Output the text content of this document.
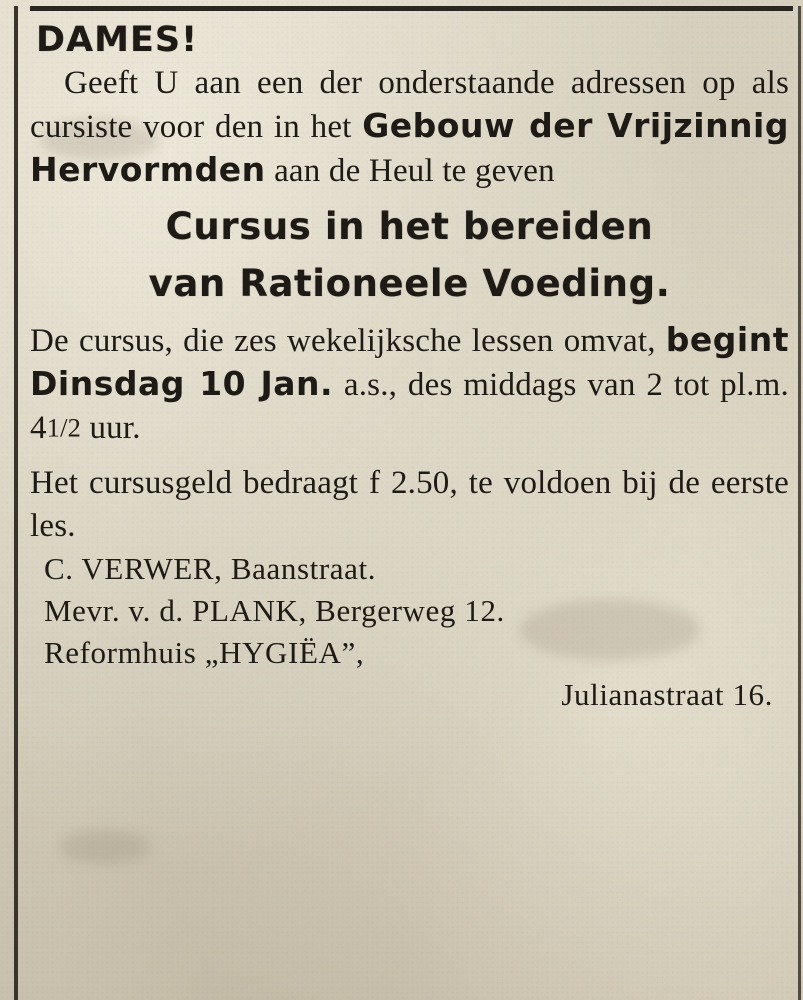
DAMES!

Geeft U aan een der onderstaande adressen op als cursiste voor den in het Gebouw der Vrijzinnig Hervormden aan de Heul te geven

Cursus in het bereiden

van Rationeele Voeding.

De cursus, die zes wekelijksche lessen omvat, begint Dinsdag 10 Jan. a.s., des middags van 2 tot pl.m. 41/2 uur.

Het cursusgeld bedraagt f 2.50, te voldoen bij de eerste les.

C. VERWER, Baanstraat.

Mevr. v. d. PLANK, Bergerweg 12.

Reformhuis „HYGIËA”,

Julianastraat 16.
